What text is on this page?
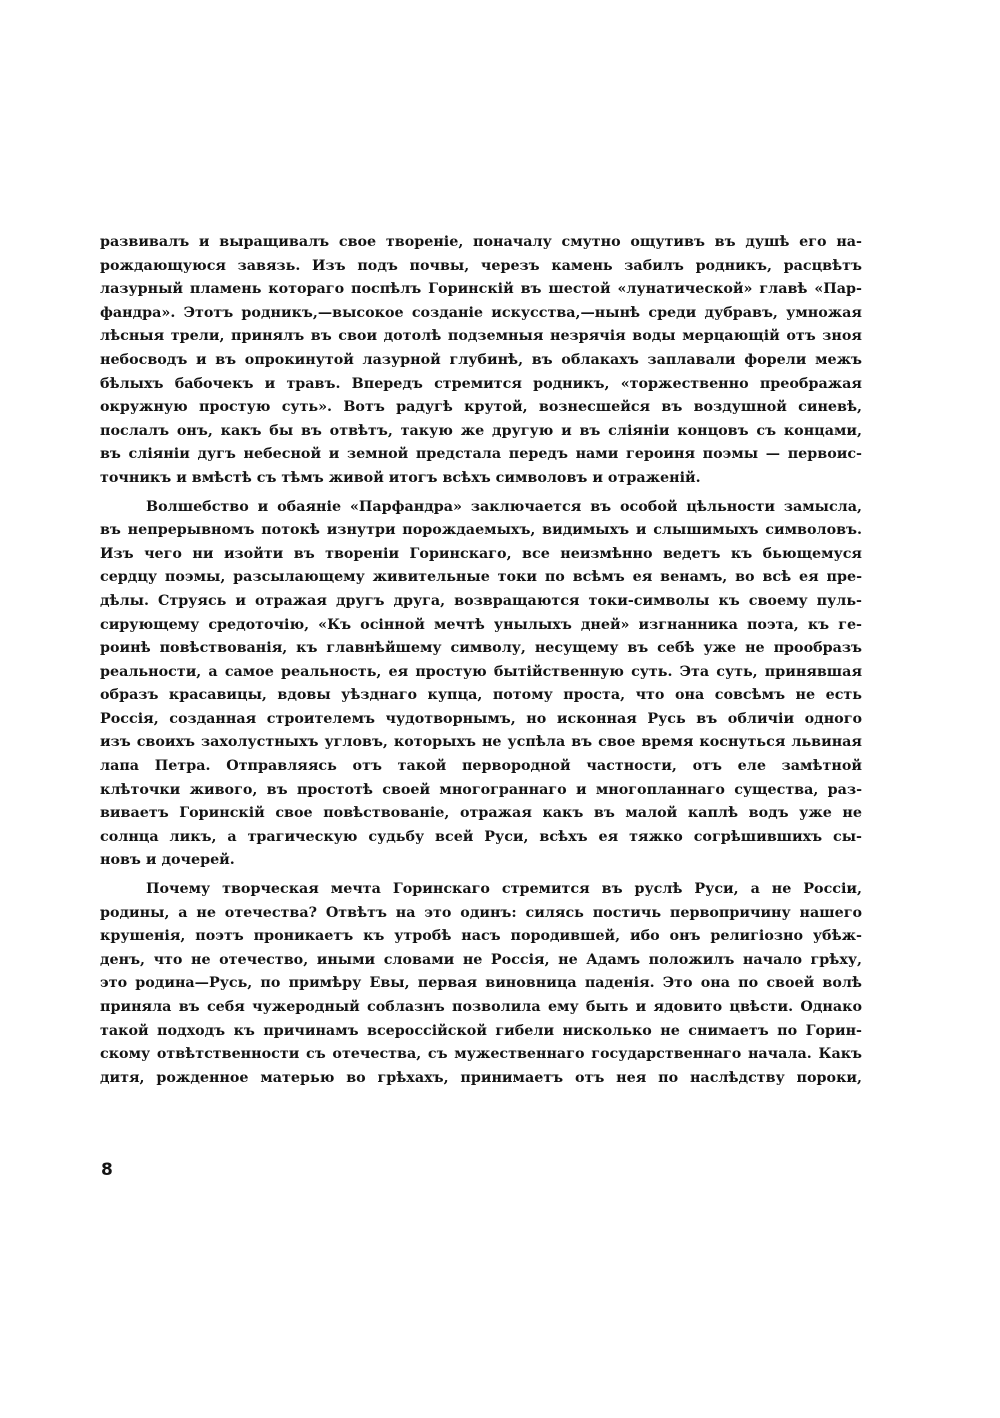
развивалъ и выращивалъ свое твореніе, поначалу смутно ощутивъ въ душѣ его на-
рождающуюся завязь. Изъ подъ почвы, черезъ камень забилъ родникъ, расцвѣтъ
лазурный пламень котораго поспѣлъ Горинскій въ шестой «лунатической» главѣ «Пар-
фандра». Этотъ родникъ,—высокое созданіе искусства,—нынѣ среди дубравъ, умножая
лѣсныя трели, принялъ въ свои дотолѣ подземныя незрячія воды мерцающій отъ зноя
небосводъ и въ опрокинутой лазурной глубинѣ, въ облакахъ заплавали форели межъ
бѣлыхъ бабочекъ и травъ. Впередъ стремится родникъ, «торжественно преображая
окружную простую суть». Вотъ радугѣ крутой, вознесшейся въ воздушной синевѣ,
послалъ онъ, какъ бы въ отвѣтъ, такую же другую и въ сліяніи концовъ съ концами,
въ сліяніи дугъ небесной и земной предстала передъ нами героиня поэмы — первоис-
точникъ и вмѣстѣ съ тѣмъ живой итогъ всѣхъ символовъ и отраженій.
Волшебство и обаяніе «Парфандра» заключается въ особой цѣльности замысла,
въ непрерывномъ потокѣ изнутри порождаемыхъ, видимыхъ и слышимыхъ символовъ.
Изъ чего ни изойти въ твореніи Горинскаго, все неизмѣнно ведетъ къ бьющемуся
сердцу поэмы, разсылающему живительные токи по всѣмъ ея венамъ, во всѣ ея пре-
дѣлы. Струясь и отражая другъ друга, возвращаются токи-символы къ своему пуль-
сирующему средоточію, «Къ осінной мечтѣ унылыхъ дней» изгнанника поэта, къ ге-
роинѣ повѣствованія, къ главнѣйшему символу, несущему въ себѣ уже не прообразъ
реальности, а самое реальность, ея простую бытійственную суть. Эта суть, принявшая
образъ красавицы, вдовы уѣзднаго купца, потому проста, что она совсѣмъ не есть
Россія, созданная строителемъ чудотворнымъ, но исконная Русь въ обличіи одного
изъ своихъ захолустныхъ угловъ, которыхъ не успѣла въ свое время коснуться львиная
лапа Петра. Отправляясь отъ такой первородной частности, отъ еле замѣтной
клѣточки живого, въ простотѣ своей многограннаго и многопланнаго существа, раз-
виваетъ Горинскій свое повѣствованіе, отражая какъ въ малой каплѣ водъ уже не
солнца ликъ, а трагическую судьбу всей Руси, всѣхъ ея тяжко согрѣшившихъ сы-
новъ и дочерей.
Почему творческая мечта Горинскаго стремится въ руслѣ Руси, а не Россіи,
родины, а не отечества? Отвѣтъ на это одинъ: силясь постичь первопричину нашего
крушенія, поэтъ проникаетъ къ утробѣ насъ породившей, ибо онъ религіозно убѣж-
денъ, что не отечество, иными словами не Россія, не Адамъ положилъ начало грѣху,
это родина—Русь, по примѣру Евы, первая виновница паденія. Это она по своей волѣ
приняла въ себя чужеродный соблазнъ позволила ему быть и ядовито цвѣсти. Однако
такой подходъ къ причинамъ всероссійской гибели нисколько не снимаетъ по Горин-
скому отвѣтственности съ отечества, съ мужественнаго государственнаго начала. Какъ
дитя, рожденное матерью во грѣхахъ, принимаетъ отъ нея по наслѣдству пороки,
8
